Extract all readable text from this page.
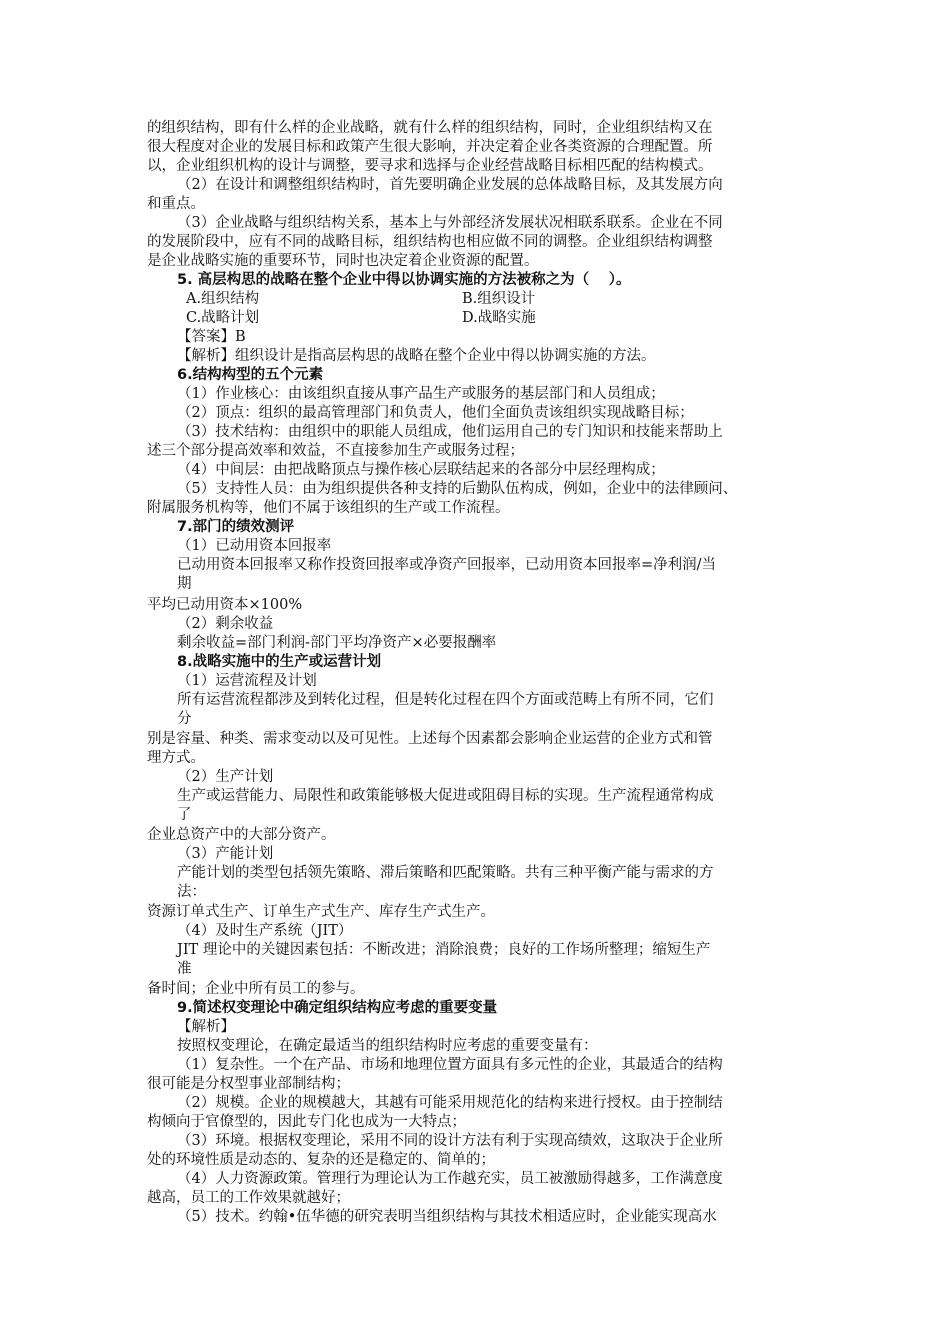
的组织结构，即有什么样的企业战略，就有什么样的组织结构，同时，企业组织结构又在
很大程度对企业的发展目标和政策产生很大影响，并决定着企业各类资源的合理配置。所
以，企业组织机构的设计与调整，要寻求和选择与企业经营战略目标相匹配的结构模式。
（2）在设计和调整组织结构时，首先要明确企业发展的总体战略目标，及其发展方向
和重点。
（3）企业战略与组织结构关系，基本上与外部经济发展状况相联系联系。企业在不同
的发展阶段中，应有不同的战略目标，组织结构也相应做不同的调整。企业组织结构调整
是企业战略实施的重要环节，同时也决定着企业资源的配置。
5. 高层构思的战略在整个企业中得以协调实施的方法被称之为（　 ）。
A.组织结构	B.组织设计
C.战略计划	D.战略实施
【答案】B
【解析】组织设计是指高层构思的战略在整个企业中得以协调实施的方法。
6.结构构型的五个元素
（1）作业核心：由该组织直接从事产品生产或服务的基层部门和人员组成；
（2）顶点：组织的最高管理部门和负责人，他们全面负责该组织实现战略目标；
（3）技术结构：由组织中的职能人员组成，他们运用自己的专门知识和技能来帮助上
述三个部分提高效率和效益，不直接参加生产或服务过程；
（4）中间层：由把战略顶点与操作核心层联结起来的各部分中层经理构成；
（5）支持性人员：由为组织提供各种支持的后勤队伍构成，例如，企业中的法律顾问、
附属服务机构等，他们不属于该组织的生产或工作流程。
7.部门的绩效测评
（1）已动用资本回报率
已动用资本回报率又称作投资回报率或净资产回报率，已动用资本回报率=净利润/当
期
平均已动用资本×100%
（2）剩余收益
剩余收益=部门利润-部门平均净资产×必要报酬率
8.战略实施中的生产或运营计划
（1）运营流程及计划
所有运营流程都涉及到转化过程，但是转化过程在四个方面或范畴上有所不同，它们
分
别是容量、种类、需求变动以及可见性。上述每个因素都会影响企业运营的企业方式和管
理方式。
（2）生产计划
生产或运营能力、局限性和政策能够极大促进或阻碍目标的实现。生产流程通常构成
了
企业总资产中的大部分资产。
（3）产能计划
产能计划的类型包括领先策略、滞后策略和匹配策略。共有三种平衡产能与需求的方
法：
资源订单式生产、订单生产式生产、库存生产式生产。
（4）及时生产系统（JIT）
JIT 理论中的关键因素包括：不断改进；消除浪费；良好的工作场所整理；缩短生产
准
备时间；企业中所有员工的参与。
9.简述权变理论中确定组织结构应考虑的重要变量
【解析】
按照权变理论，在确定最适当的组织结构时应考虑的重要变量有：
（1）复杂性。一个在产品、市场和地理位置方面具有多元性的企业，其最适合的结构
很可能是分权型事业部制结构；
（2）规模。企业的规模越大，其越有可能采用规范化的结构来进行授权。由于控制结
构倾向于官僚型的，因此专门化也成为一大特点；
（3）环境。根据权变理论，采用不同的设计方法有利于实现高绩效，这取决于企业所
处的环境性质是动态的、复杂的还是稳定的、简单的；
（4）人力资源政策。管理行为理论认为工作越充实，员工被激励得越多，工作满意度
越高，员工的工作效果就越好；
（5）技术。约翰•伍华德的研究表明当组织结构与其技术相适应时，企业能实现高水
